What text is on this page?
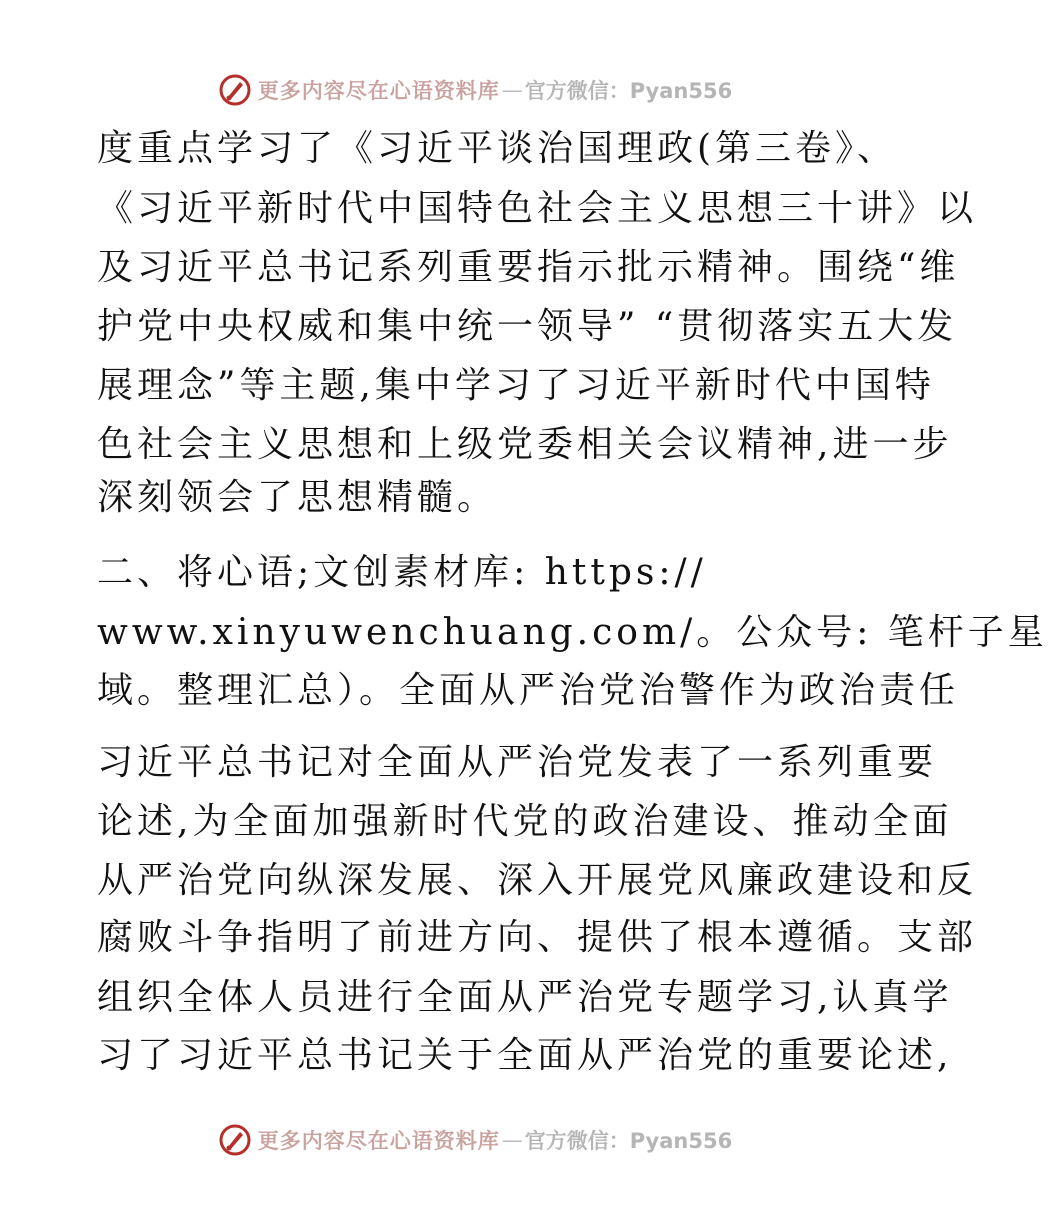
更多内容尽在心语资料库 — 官方微信：Pyan556
度重点学习了《习近平谈治国理政(第三卷》、
《习近平新时代中国特色社会主义思想三十讲》以
及习近平总书记系列重要指示批示精神。围绕“维
护党中央权威和集中统一领导” “贯彻落实五大发
展理念”等主题,集中学习了习近平新时代中国特
色社会主义思想和上级党委相关会议精神,进一步
深刻领会了思想精髓。
二、将心语;文创素材库: https://
www.xinyuwenchuang.com/。公众号: 笔杆子星
域。整理汇总）。全面从严治党治警作为政治责任
习近平总书记对全面从严治党发表了一系列重要
论述,为全面加强新时代党的政治建设、推动全面
从严治党向纵深发展、深入开展党风廉政建设和反
腐败斗争指明了前进方向、提供了根本遵循。支部
组织全体人员进行全面从严治党专题学习,认真学
习了习近平总书记关于全面从严治党的重要论述,
更多内容尽在心语资料库 — 官方微信：Pyan556
